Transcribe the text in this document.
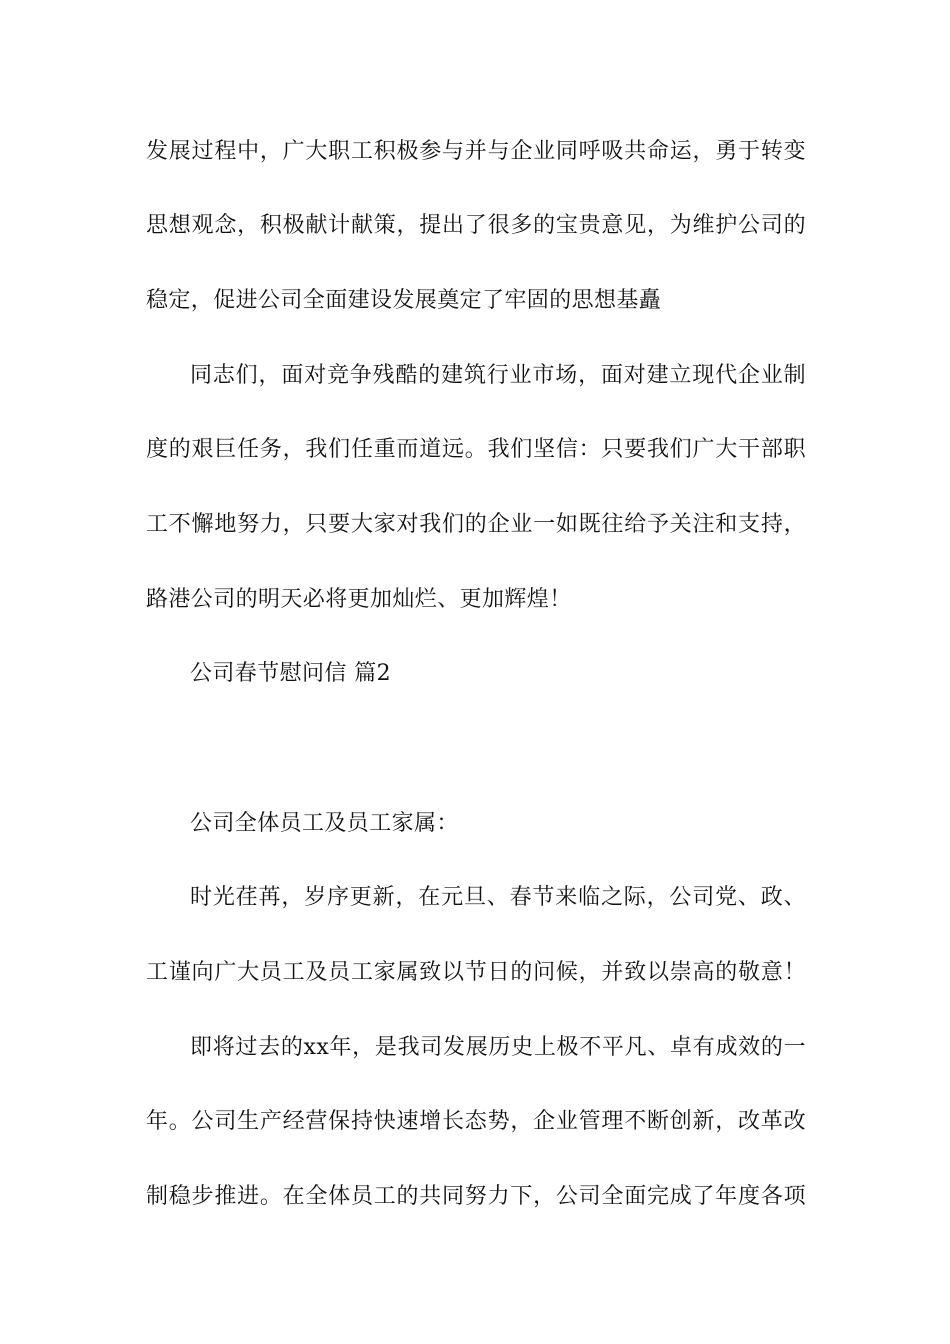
发展过程中，广大职工积极参与并与企业同呼吸共命运，勇于转变
思想观念，积极献计献策，提出了很多的宝贵意见，为维护公司的
稳定，促进公司全面建设发展奠定了牢固的思想基矗
同志们，面对竞争残酷的建筑行业市场，面对建立现代企业制
度的艰巨任务，我们任重而道远。我们坚信：只要我们广大干部职
工不懈地努力，只要大家对我们的企业一如既往给予关注和支持，
路港公司的明天必将更加灿烂、更加辉煌！
公司春节慰问信 篇2
公司全体员工及员工家属：
时光荏苒，岁序更新，在元旦、春节来临之际，公司党、政、
工谨向广大员工及员工家属致以节日的问候，并致以崇高的敬意！
即将过去的xx年，是我司发展历史上极不平凡、卓有成效的一
年。公司生产经营保持快速增长态势，企业管理不断创新，改革改
制稳步推进。在全体员工的共同努力下，公司全面完成了年度各项
